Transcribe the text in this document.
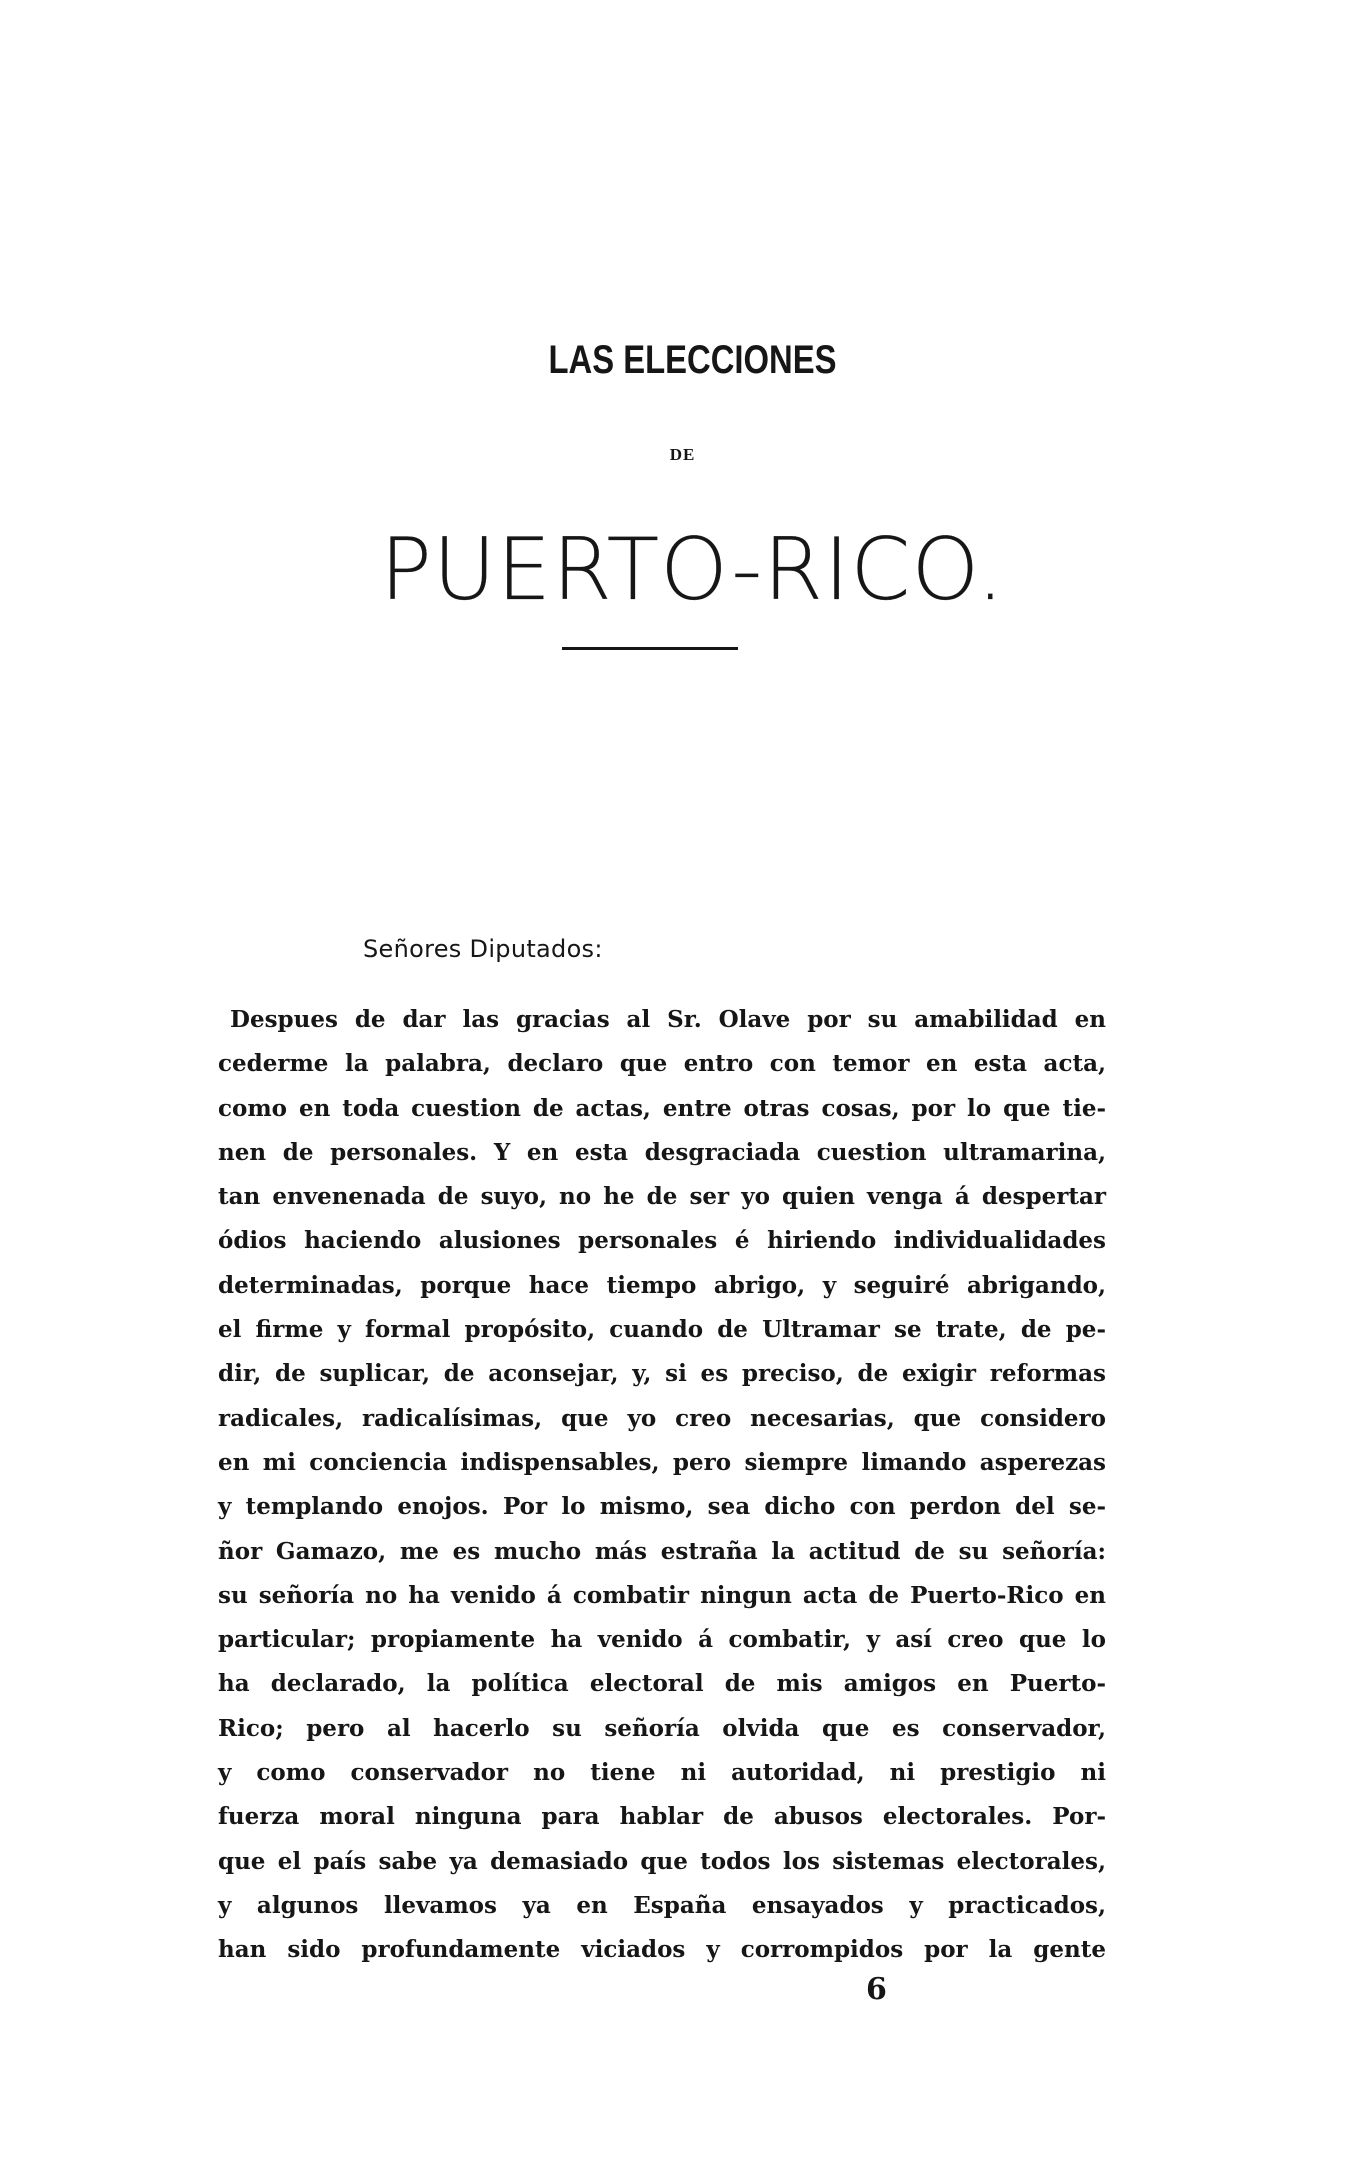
LAS ELECCIONES
DE
PUERTO-RICO.
Señores Diputados:
Despues de dar las gracias al Sr. Olave por su amabilidad en
cederme la palabra, declaro que entro con temor en esta acta,
como en toda cuestion de actas, entre otras cosas, por lo que tie-
nen de personales. Y en esta desgraciada cuestion ultramarina,
tan envenenada de suyo, no he de ser yo quien venga á despertar
ódios haciendo alusiones personales é hiriendo individualidades
determinadas, porque hace tiempo abrigo, y seguiré abrigando,
el firme y formal propósito, cuando de Ultramar se trate, de pe-
dir, de suplicar, de aconsejar, y, si es preciso, de exigir reformas
radicales, radicalísimas, que yo creo necesarias, que considero
en mi conciencia indispensables, pero siempre limando asperezas
y templando enojos. Por lo mismo, sea dicho con perdon del se-
ñor Gamazo, me es mucho más estraña la actitud de su señoría:
su señoría no ha venido á combatir ningun acta de Puerto-Rico en
particular; propiamente ha venido á combatir, y así creo que lo
ha declarado, la política electoral de mis amigos en Puerto-
Rico; pero al hacerlo su señoría olvida que es conservador,
y como conservador no tiene ni autoridad, ni prestigio ni
fuerza moral ninguna para hablar de abusos electorales. Por-
que el país sabe ya demasiado que todos los sistemas electorales,
y algunos llevamos ya en España ensayados y practicados,
han sido profundamente viciados y corrompidos por la gente
6
